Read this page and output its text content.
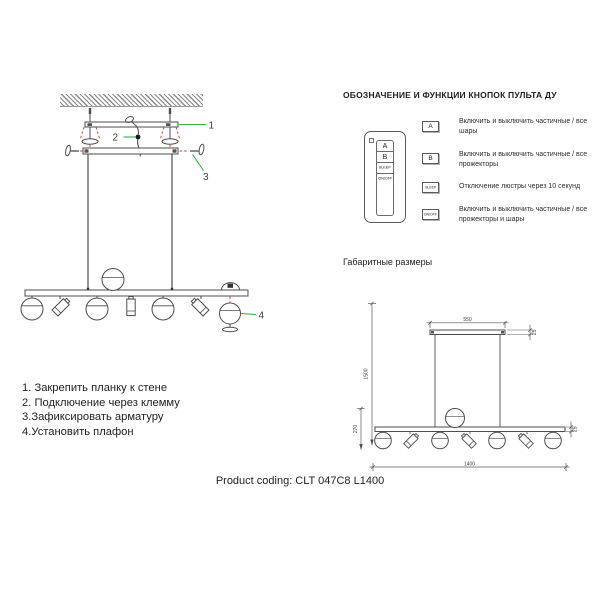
1
2
3
4
ОБОЗНАЧЕНИЕ И ФУНКЦИИ КНОПОК ПУЛЬТА ДУ
A
B
SLEEP
ON/OFF
A
Включить и выключить частичные / все шары
B
Включить и выключить частичные / все прожекторы
SLEEP	Отключение люстры через 10 секунд
ON/OFF
Включить и выключить частичные / все прожекторы и шары
Габаритные размеры
550
25
1500
270	25
1400
1. Закрепить планку к стене
2. Подключение через клемму
3.Зафиксировать арматуру
4.Установить плафон
Product coding: CLT 047C8 L1400
